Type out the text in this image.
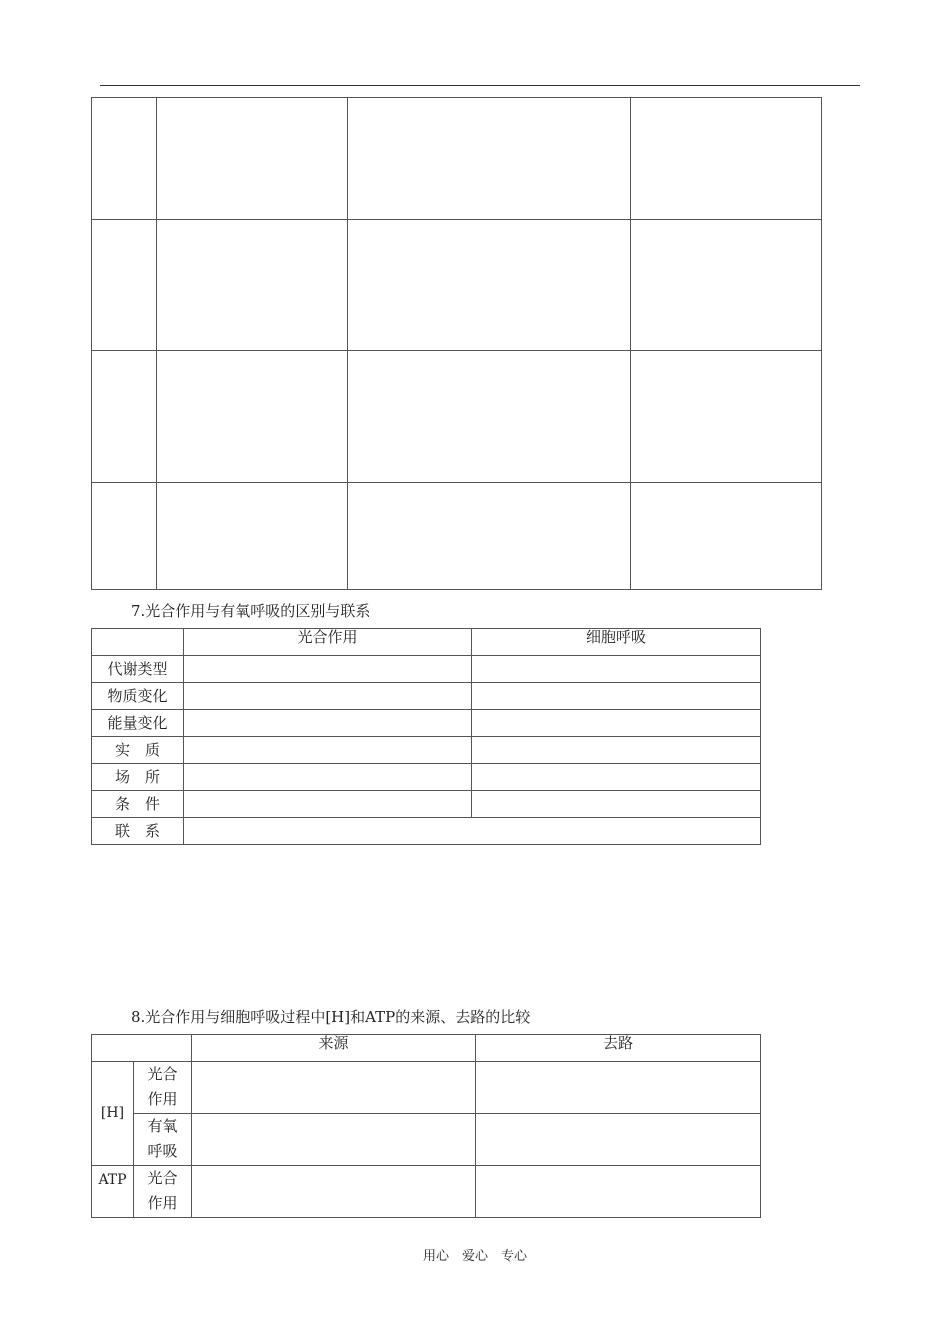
7.光合作用与有氧呼吸的区别与联系
	光合作用	细胞呼吸
代谢类型		
物质变化		
能量变化		
实　质		
场　所		
条　件		
联　系		
8.光合作用与细胞呼吸过程中[H]和ATP的来源、去路的比较
		来源	去路
[H]	光合
作用		

	有氧
呼吸		

ATP	光合
作用		

用心　爱心　专心
